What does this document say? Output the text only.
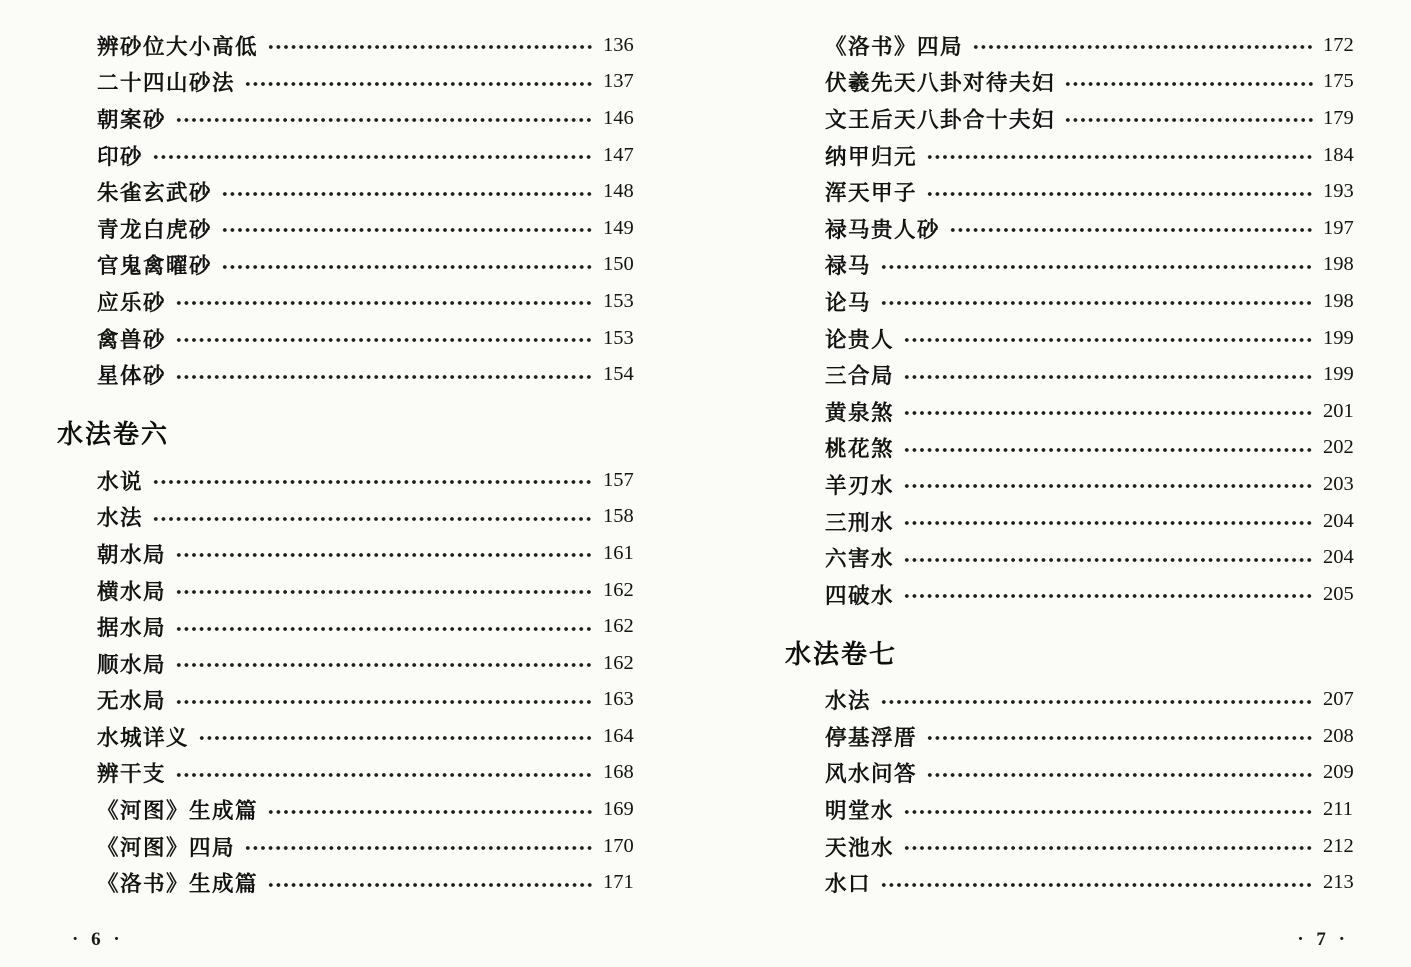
辨砂位大小高低	136
二十四山砂法	137
朝案砂	146
印砂	147
朱雀玄武砂	148
青龙白虎砂	149
官鬼禽曜砂	150
应乐砂	153
禽兽砂	153
星体砂	154
水法卷六
水说	157
水法	158
朝水局	161
横水局	162
据水局	162
顺水局	162
无水局	163
水城详义	164
辨干支	168
《河图》生成篇	169
《河图》四局	170
《洛书》生成篇	171
· 6 ·
《洛书》四局	172
伏羲先天八卦对待夫妇	175
文王后天八卦合十夫妇	179
纳甲归元	184
浑天甲子	193
禄马贵人砂	197
禄马	198
论马	198
论贵人	199
三合局	199
黄泉煞	201
桃花煞	202
羊刃水	203
三刑水	204
六害水	204
四破水	205
水法卷七
水法	207
停基浮厝	208
风水问答	209
明堂水	211
天池水	212
水口	213
· 7 ·
